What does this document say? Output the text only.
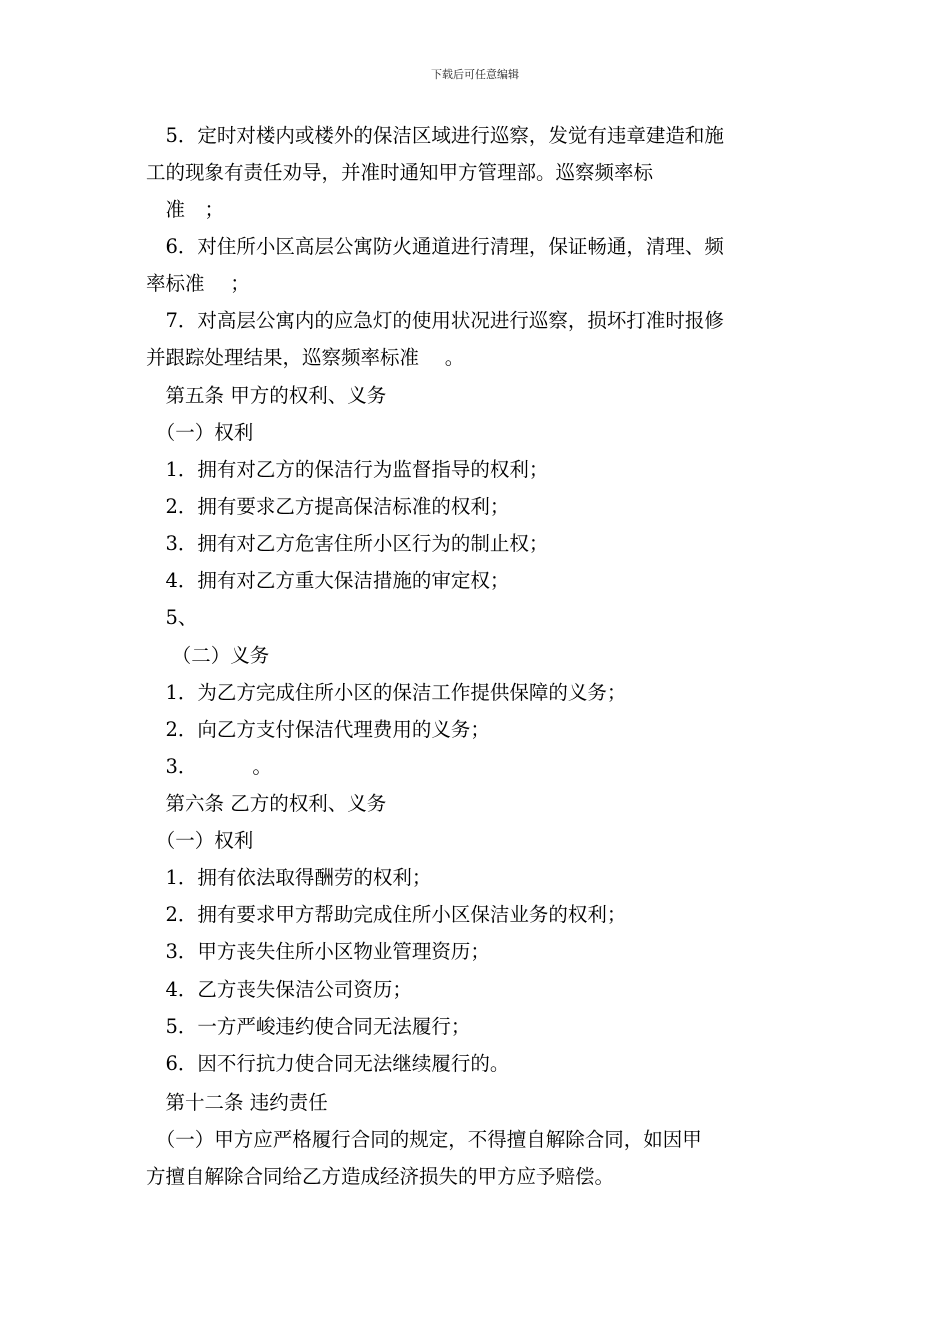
下载后可任意编辑
　5．定时对楼内或楼外的保洁区域进行巡察，发觉有违章建造和施
工的现象有责任劝导，并准时通知甲方管理部。巡察频率标
　准　；
　6．对住所小区高层公寓防火通道进行清理，保证畅通，清理、频
率标准　 ；
　7．对高层公寓内的应急灯的使用状况进行巡察，损坏打准时报修
并跟踪处理结果，巡察频率标准　 。
　第五条 甲方的权利、义务
　（一）权利
　1．拥有对乙方的保洁行为监督指导的权利；
　2．拥有要求乙方提高保洁标准的权利；
　3．拥有对乙方危害住所小区行为的制止权；
　4．拥有对乙方重大保洁措施的审定权；
　5、
　 （二）义务
　1．为乙方完成住所小区的保洁工作提供保障的义务；
　2．向乙方支付保洁代理费用的义务；
　3．　　　 。
　第六条 乙方的权利、义务
　（一）权利
　1．拥有依法取得酬劳的权利；
　2．拥有要求甲方帮助完成住所小区保洁业务的权利；
　3．甲方丧失住所小区物业管理资历；
　4．乙方丧失保洁公司资历；
　5．一方严峻违约使合同无法履行；
　6．因不行抗力使合同无法继续履行的。
　第十二条 违约责任
　（一）甲方应严格履行合同的规定，不得擅自解除合同，如因甲
方擅自解除合同给乙方造成经济损失的甲方应予赔偿。
